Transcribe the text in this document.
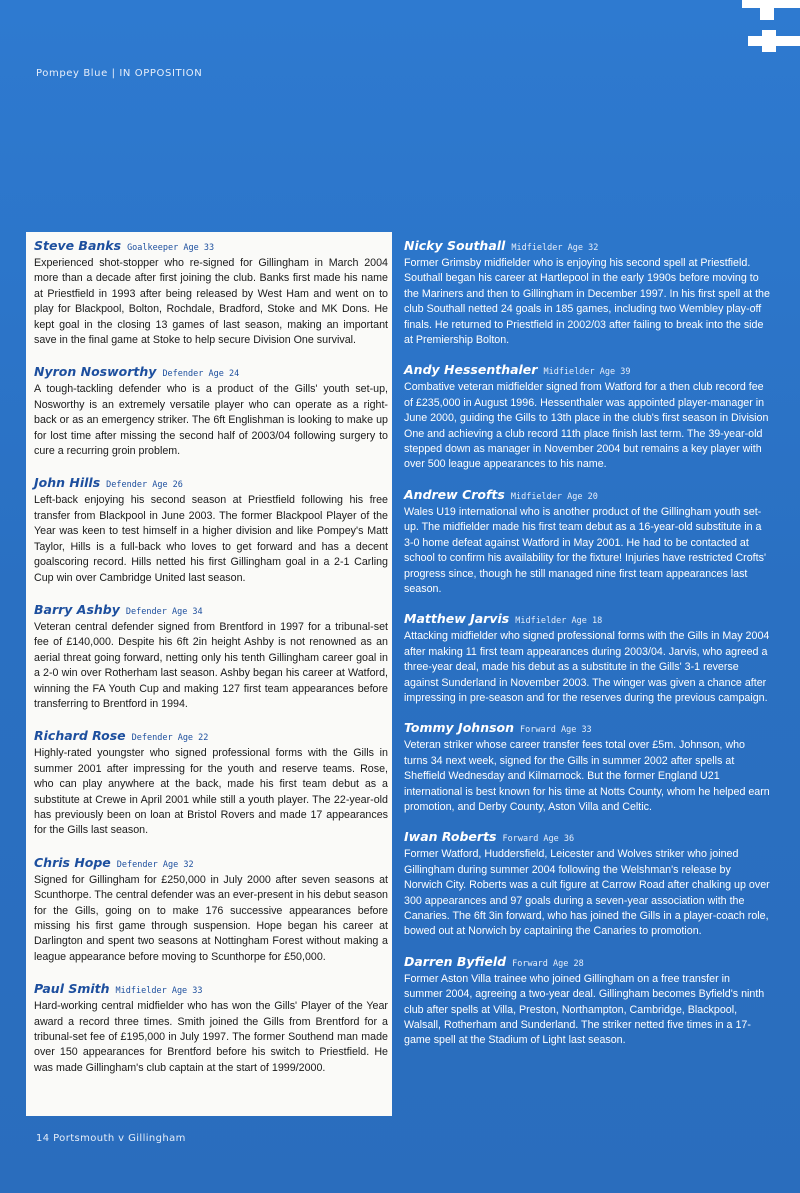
Pompey Blue | IN OPPOSITION
Steve Banks Goalkeeper Age 33

Experienced shot-stopper who re-signed for Gillingham in March 2004 more than a decade after first joining the club. Banks first made his name at Priestfield in 1993 after being released by West Ham and went on to play for Blackpool, Bolton, Rochdale, Bradford, Stoke and MK Dons. He kept goal in the closing 13 games of last season, making an important save in the final game at Stoke to help secure Division One survival.

Nyron Nosworthy Defender Age 24

A tough-tackling defender who is a product of the Gills' youth set-up, Nosworthy is an extremely versatile player who can operate as a right-back or as an emergency striker. The 6ft Englishman is looking to make up for lost time after missing the second half of 2003/04 following surgery to cure a recurring groin problem.

John Hills Defender Age 26

Left-back enjoying his second season at Priestfield following his free transfer from Blackpool in June 2003. The former Blackpool Player of the Year was keen to test himself in a higher division and like Pompey's Matt Taylor, Hills is a full-back who loves to get forward and has a decent goalscoring record. Hills netted his first Gillingham goal in a 2-1 Carling Cup win over Cambridge United last season.

Barry Ashby Defender Age 34

Veteran central defender signed from Brentford in 1997 for a tribunal-set fee of £140,000. Despite his 6ft 2in height Ashby is not renowned as an aerial threat going forward, netting only his tenth Gillingham career goal in a 2-0 win over Rotherham last season. Ashby began his career at Watford, winning the FA Youth Cup and making 127 first team appearances before transferring to Brentford in 1994.

Richard Rose Defender Age 22

Highly-rated youngster who signed professional forms with the Gills in summer 2001 after impressing for the youth and reserve teams. Rose, who can play anywhere at the back, made his first team debut as a substitute at Crewe in April 2001 while still a youth player. The 22-year-old has previously been on loan at Bristol Rovers and made 17 appearances for the Gills last season.

Chris Hope Defender Age 32

Signed for Gillingham for £250,000 in July 2000 after seven seasons at Scunthorpe. The central defender was an ever-present in his debut season for the Gills, going on to make 176 successive appearances before missing his first game through suspension. Hope began his career at Darlington and spent two seasons at Nottingham Forest without making a league appearance before moving to Scunthorpe for £50,000.

Paul Smith Midfielder Age 33

Hard-working central midfielder who has won the Gills' Player of the Year award a record three times. Smith joined the Gills from Brentford for a tribunal-set fee of £195,000 in July 1997. The former Southend man made over 150 appearances for Brentford before his switch to Priestfield. He was made Gillingham's club captain at the start of 1999/2000.

Nicky Southall Midfielder Age 32

Former Grimsby midfielder who is enjoying his second spell at Priestfield. Southall began his career at Hartlepool in the early 1990s before moving to the Mariners and then to Gillingham in December 1997. In his first spell at the club Southall netted 24 goals in 185 games, including two Wembley play-off finals. He returned to Priestfield in 2002/03 after failing to break into the side at Premiership Bolton.

Andy Hessenthaler Midfielder Age 39

Combative veteran midfielder signed from Watford for a then club record fee of £235,000 in August 1996. Hessenthaler was appointed player-manager in June 2000, guiding the Gills to 13th place in the club's first season in Division One and achieving a club record 11th place finish last term. The 39-year-old stepped down as manager in November 2004 but remains a key player with over 500 league appearances to his name.

Andrew Crofts Midfielder Age 20

Wales U19 international who is another product of the Gillingham youth set-up. The midfielder made his first team debut as a 16-year-old substitute in a 3-0 home defeat against Watford in May 2001. He had to be contacted at school to confirm his availability for the fixture! Injuries have restricted Crofts' progress since, though he still managed nine first team appearances last season.

Matthew Jarvis Midfielder Age 18

Attacking midfielder who signed professional forms with the Gills in May 2004 after making 11 first team appearances during 2003/04. Jarvis, who agreed a three-year deal, made his debut as a substitute in the Gills' 3-1 reverse against Sunderland in November 2003. The winger was given a chance after impressing in pre-season and for the reserves during the previous campaign.

Tommy Johnson Forward Age 33

Veteran striker whose career transfer fees total over £5m. Johnson, who turns 34 next week, signed for the Gills in summer 2002 after spells at Sheffield Wednesday and Kilmarnock. But the former England U21 international is best known for his time at Notts County, whom he helped earn promotion, and Derby County, Aston Villa and Celtic.

Iwan Roberts Forward Age 36

Former Watford, Huddersfield, Leicester and Wolves striker who joined Gillingham during summer 2004 following the Welshman's release by Norwich City. Roberts was a cult figure at Carrow Road after chalking up over 300 appearances and 97 goals during a seven-year association with the Canaries. The 6ft 3in forward, who has joined the Gills in a player-coach role, bowed out at Norwich by captaining the Canaries to promotion.

Darren Byfield Forward Age 28

Former Aston Villa trainee who joined Gillingham on a free transfer in summer 2004, agreeing a two-year deal. Gillingham becomes Byfield's ninth club after spells at Villa, Preston, Northampton, Cambridge, Blackpool, Walsall, Rotherham and Sunderland. The striker netted five times in a 17-game spell at the Stadium of Light last season.

14 Portsmouth v Gillingham
